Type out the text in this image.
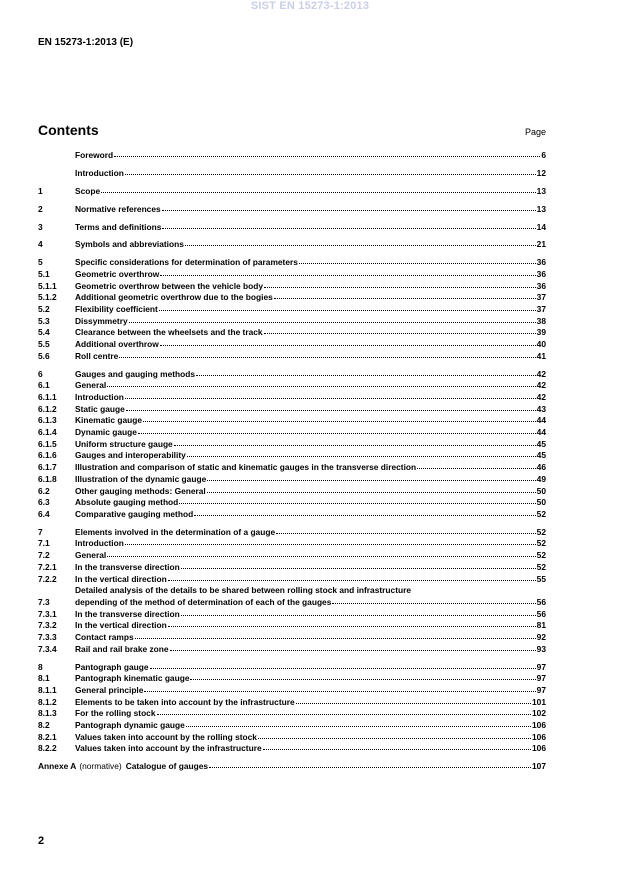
SIST EN 15273-1:2013
EN 15273-1:2013 (E)
Contents	Page
Foreword	6
Introduction	12
1	Scope	13
2	Normative references	13
3	Terms and definitions	14
4	Symbols and abbreviations	21
5	Specific considerations for determination of parameters	36
5.1	Geometric overthrow	36
5.1.1	Geometric overthrow between the vehicle body	36
5.1.2	Additional geometric overthrow due to the bogies	37
5.2	Flexibility coefficient	37
5.3	Dissymmetry	38
5.4	Clearance between the wheelsets and the track	39
5.5	Additional overthrow	40
5.6	Roll centre	41
6	Gauges and gauging methods	42
6.1	General	42
6.1.1	Introduction	42
6.1.2	Static gauge	43
6.1.3	Kinematic gauge	44
6.1.4	Dynamic gauge	44
6.1.5	Uniform structure gauge	45
6.1.6	Gauges and interoperability	45
6.1.7	Illustration and comparison of static and kinematic gauges in the transverse direction	46
6.1.8	Illustration of the dynamic gauge	49
6.2	Other gauging methods: General	50
6.3	Absolute gauging method	50
6.4	Comparative gauging method	52
7	Elements involved in the determination of a gauge	52
7.1	Introduction	52
7.2	General	52
7.2.1	In the transverse direction	52
7.2.2	In the vertical direction	55
7.3
Detailed analysis of the details to be shared between rolling stock and infrastructure
depending of the method of determination of each of the gauges	56
7.3.1	In the transverse direction	56
7.3.2	In the vertical direction	81
7.3.3	Contact ramps	92
7.3.4	Rail and rail brake zone	93
8	Pantograph gauge	97
8.1	Pantograph kinematic gauge	97
8.1.1	General principle	97
8.1.2	Elements to be taken into account by the infrastructure	101
8.1.3	For the rolling stock	102
8.2	Pantograph dynamic gauge	106
8.2.1	Values taken into account by the rolling stock	106
8.2.2	Values taken into account by the infrastructure	106
Annexe A (normative) Catalogue of gauges	107
2
